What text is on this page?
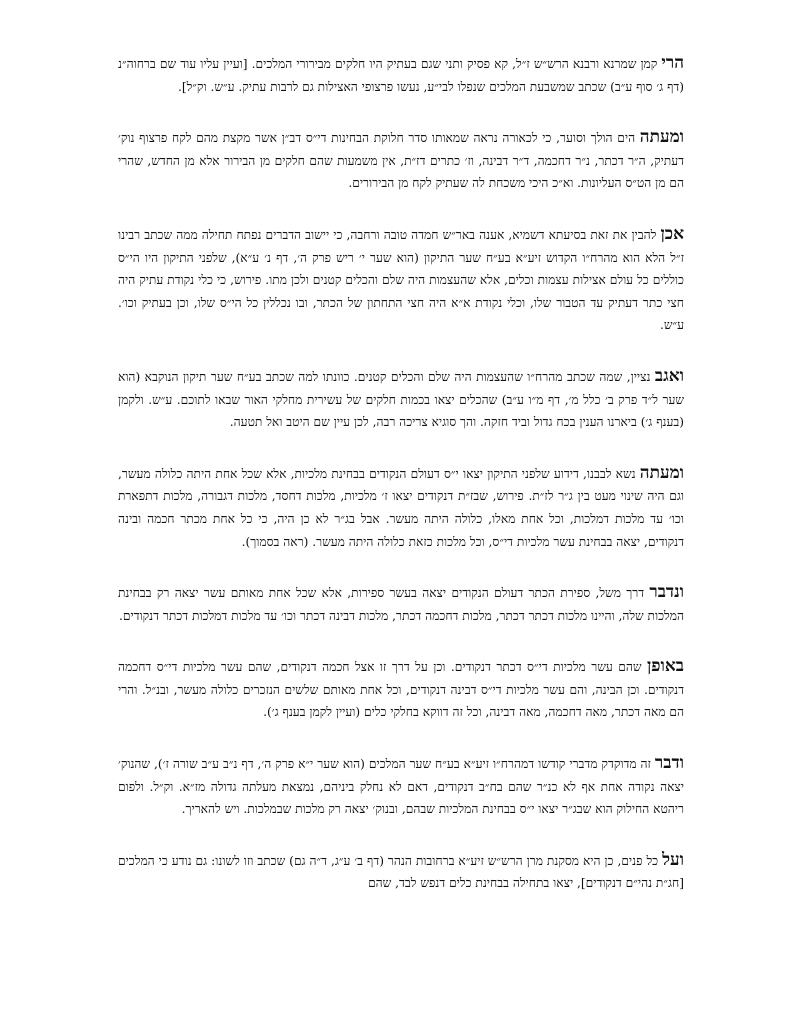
הרי קמן שמרנא ורבנא הרש״ש ז״ל, קא פסיק ותני שגם בעתיק היו חלקים מבירורי המלכים. [ועיין עליו עוד שם ברחוה״נ (דף ג׳ סוף ע״ב) שכתב שמשבעת המלכים שנפלו לבי״ע, נעשו פרצופי האצילות גם לרבות עתיק. ע״ש. וק״ל].

ומעתה הים הולך וסוער, כי לכאורה נראה שמאותו סדר חלוקת הבחינות די״ס דב״ן אשר מקצת מהם לקח פרצוף נוק׳ דעתיק, ה״ר דכתר, נ״ר דחכמה, ד״ר דבינה, וז׳ כתרים דז״ת, אין משמעות שהם חלקים מן הבירור אלא מן החדש, שהרי הם מן הט״ס העליונות. וא״כ היכי משכחת לה שעתיק לקח מן הבירורים.

אכן להבין את זאת בסיעתא דשמיא, אענה באר״ש חמדה טובה ורחבה, כי יישוב הדברים נפתח תחילה ממה שכתב רבינו ז״ל הלא הוא מהרח״ו הקדוש זיע״א בע״ח שער התיקון (הוא שער י׳ ריש פרק ה׳, דף נ׳ ע״א), שלפני התיקון היו הי״ס כוללים כל עולם אצילות עצמות וכלים, אלא שהעצמות היה שלם והכלים קטנים ולכן מתו. פירוש, כי כלי נקודת עתיק היה חצי כתר דעתיק עד הטבור שלו, וכלי נקודת א״א היה חצי התחתון של הכתר, ובו נכללין כל הי״ס שלו, וכן בעתיק וכו׳. ע״ש.

ואגב נציין, שמה שכתב מהרח״ו שהעצמות היה שלם והכלים קטנים. כוונתו למה שכתב בע״ח שער תיקון הנוקבא (הוא שער ל״ד פרק ב׳ כלל מ׳, דף מ״ו ע״ב) שהכלים יצאו בכמות חלקים של עשירית מחלקי האור שבאו לתוכם. ע״ש. ולקמן (בענף ג׳) ביארנו הענין בכח גדול וביד חזקה. והך סוגיא צריכה רבה, לכן עיין שם היטב ואל תטעה.

ומעתה נשא לבבנו, דידוע שלפני התיקון יצאו י״ס דעולם הנקודים בבחינת מלכיות, אלא שכל אחת היתה כלולה מעשר, וגם היה שינוי מעט בין ג״ר לז״ת. פירוש, שבז״ת דנקודים יצאו ז׳ מלכיות, מלכות דחסד, מלכות דגבורה, מלכות דתפארת וכו׳ עד מלכות דמלכות, וכל אחת מאלו, כלולה היתה מעשר. אבל בג״ר לא כן היה, כי כל אחת מכתר חכמה ובינה דנקודים, יצאה בבחינת עשר מלכיות די״ס, וכל מלכות כזאת כלולה היתה מעשר. (ראה בסמוך).

ונדבר דרך משל, ספירת הכתר דעולם הנקודים יצאה בעשר ספירות, אלא שכל אחת מאותם עשר יצאה רק בבחינת המלכות שלה, והיינו מלכות דכתר דכתר, מלכות דחכמה דכתר, מלכות דבינה דכתר וכו׳ עד מלכות דמלכות דכתר דנקודים.

באופן שהם עשר מלכיות די״ס דכתר דנקודים. וכן על דרך זו אצל חכמה דנקודים, שהם עשר מלכיות די״ס דחכמה דנקודים. וכן הבינה, והם עשר מלכיות די״ס דבינה דנקודים, וכל אחת מאותם שלשים הנזכרים כלולה מעשר, ובנ״ל. והרי הם מאה דכתר, מאה דחכמה, מאה דבינה, וכל זה דווקא בחלקי כלים (ועיין לקמן בענף ג׳).

ודבר זה מדוקדק מדברי קודשו דמהרח״ו זיע״א בע״ח שער המלכים (הוא שער י״א פרק ה׳, דף נ״ב ע״ב שורה ז׳), שהנוק׳ יצאה נקודה אחת אף לא כנ״ר שהם בח״ב דנקודים, דאם לא נחלק ביניהם, נמצאת מעלתה גדולה מז״א. וק״ל. ולפום ריהטא החילוק הוא שבג״ר יצאו י״ס בבחינת המלכיות שבהם, ובנוק׳ יצאה רק מלכות שבמלכות. ויש להאריך.

ועל כל פנים, כן היא מסקנת מרן הרש״ש זיע״א ברחובות הנהר (דף ב׳ ע״ג, ד״ה גם) שכתב וזו לשונו: גם נודע כי המלכים [חג״ת נהי״ם דנקודים], יצאו בתחילה בבחינת כלים דנפש לבד, שהם
